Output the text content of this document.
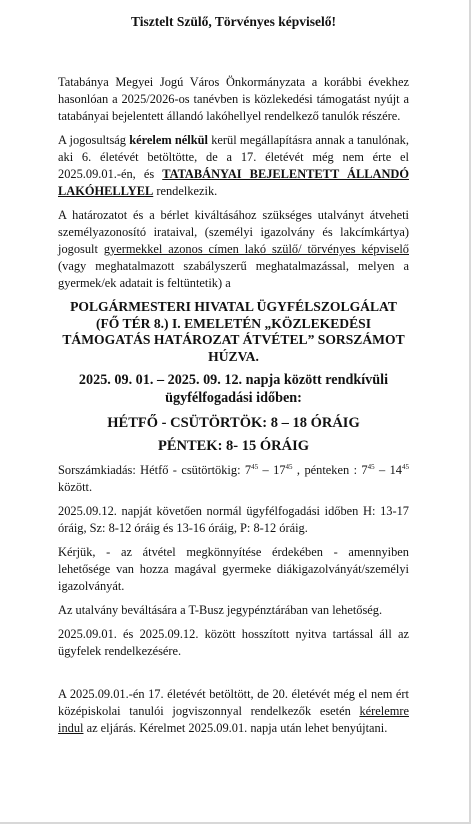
Tisztelt Szülő, Törvényes képviselő!

Tatabánya Megyei Jogú Város Önkormányzata a korábbi évekhez hasonlóan a 2025/2026-os tanévben is közlekedési támogatást nyújt a tatabányai bejelentett állandó lakóhellyel rendelkező tanulók részére.

A jogosultság kérelem nélkül kerül megállapításra annak a tanulónak, aki 6. életévét betöltötte, de a 17. életévét még nem érte el 2025.09.01.-én, és TATABÁNYAI BEJELENTETT ÁLLANDÓ LAKÓHELLYEL rendelkezik.

A határozatot és a bérlet kiváltásához szükséges utalványt átveheti személyazonosító irataival, (személyi igazolvány és lakcímkártya) jogosult gyermekkel azonos címen lakó szülő/ törvényes képviselő (vagy meghatalmazott szabályszerű meghatalmazással, melyen a gyermek/ek adatait is feltüntetik) a

POLGÁRMESTERI HIVATAL ÜGYFÉLSZOLGÁLAT (FŐ TÉR 8.) I. EMELETÉN „KÖZLEKEDÉSI TÁMOGATÁS HATÁROZAT ÁTVÉTEL” SORSZÁMOT HÚZVA.

2025. 09. 01. – 2025. 09. 12. napja között rendkívüli ügyfélfogadási időben:

HÉTFŐ - CSÜTÖRTÖK: 8 – 18 ÓRÁIG

PÉNTEK: 8- 15 ÓRÁIG

Sorszámkiadás: Hétfő - csütörtökig: $7^{45} - 17^{45}$ , pénteken : $7^{45} - 14^{45}$ között.

2025.09.12. napját követően normál ügyfélfogadási időben H: 13-17 óráig, Sz: 8-12 óráig és 13-16 óráig, P: 8-12 óráig.

Kérjük, - az átvétel megkönnyítése érdekében - amennyiben lehetősége van hozza magával gyermeke diákigazolványát/személyi igazolványát.

Az utalvány beváltására a T-Busz jegypénztárában van lehetőség.

2025.09.01. és 2025.09.12. között hosszított nyitva tartással áll az ügyfelek rendelkezésére.

A 2025.09.01.-én 17. életévét betöltött, de 20. életévét még el nem ért középiskolai tanulói jogviszonnyal rendelkezők esetén kérelemre indul az eljárás. Kérelmet 2025.09.01. napja után lehet benyújtani.
